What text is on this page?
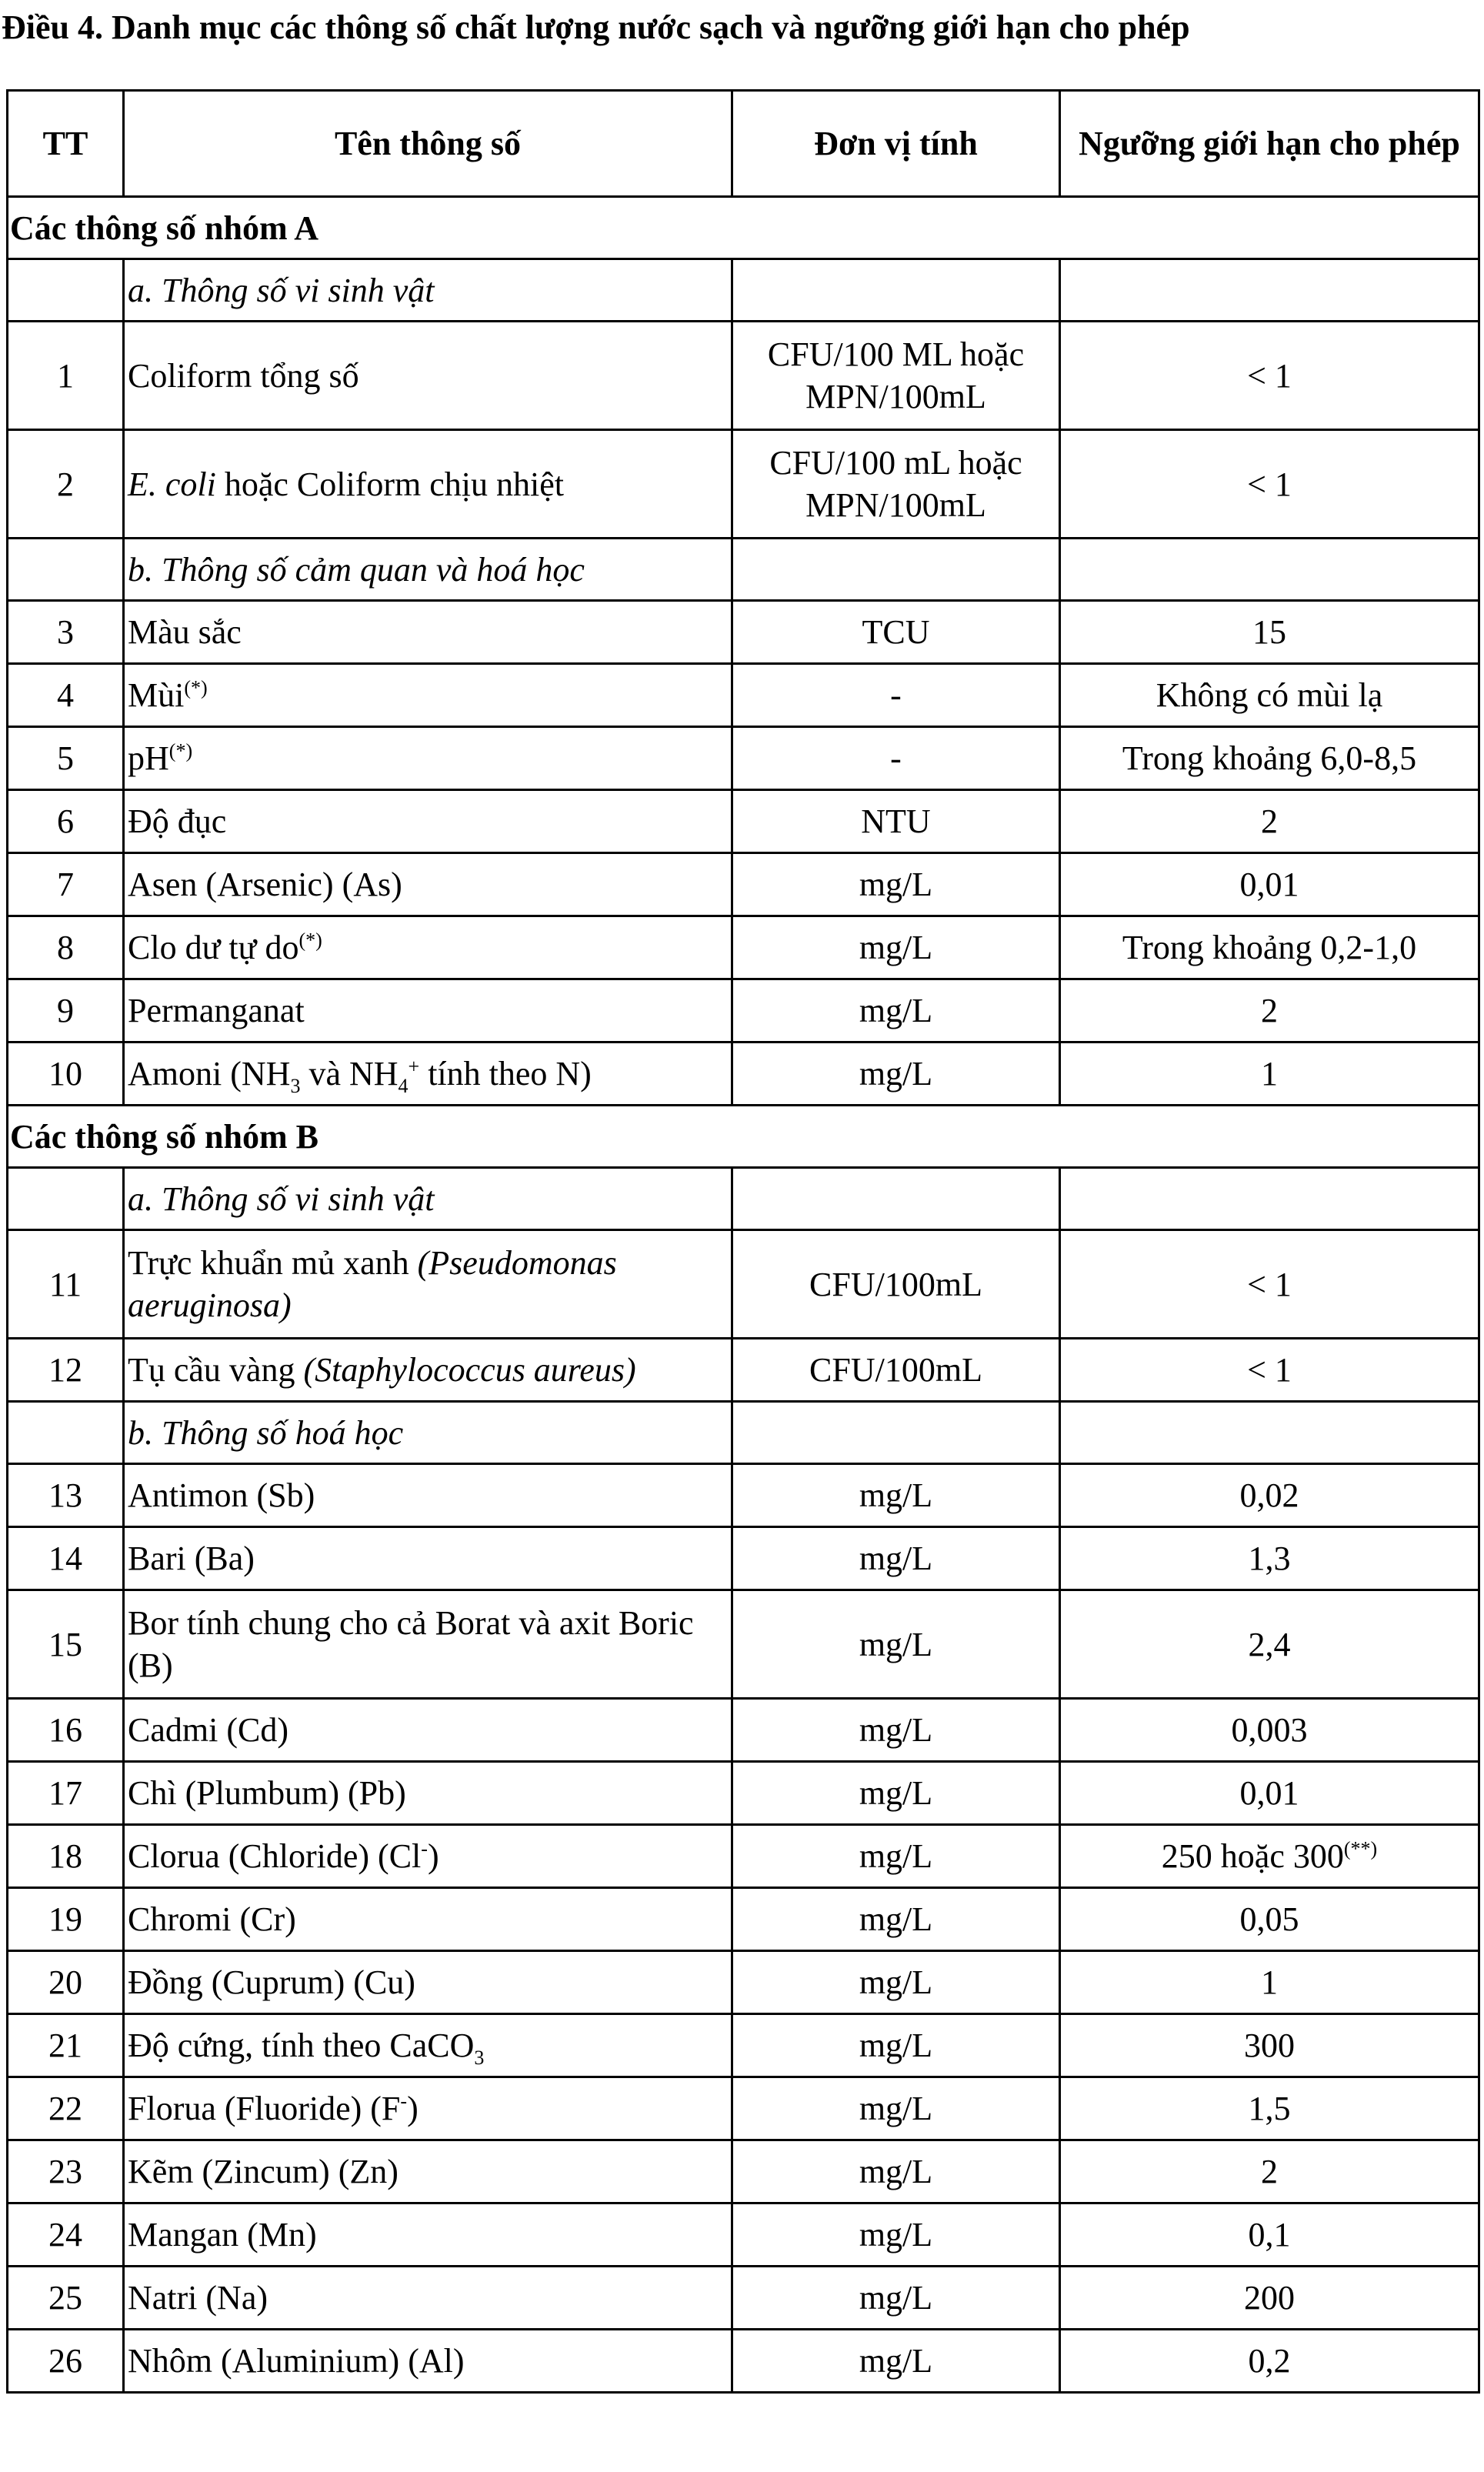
Điều 4. Danh mục các thông số chất lượng nước sạch và ngưỡng giới hạn cho phép
TT	Tên thông số	Đơn vị tính	Ngưỡng giới hạn cho phép
Các thông số nhóm A			
	a. Thông số vi sinh vật		
1	Coliform tổng số	CFU/100 ML hoặc MPN/100mL	< 1
2	E. coli hoặc Coliform chịu nhiệt	CFU/100 mL hoặc MPN/100mL	< 1
	b. Thông số cảm quan và hoá học		
3	Màu sắc	TCU	15
4	Mùi(*)	-	Không có mùi lạ
5	pH(*)	-	Trong khoảng 6,0-8,5
6	Độ đục	NTU	2
7	Asen (Arsenic) (As)	mg/L	0,01
8	Clo dư tự do(*)	mg/L	Trong khoảng 0,2-1,0
9	Permanganat	mg/L	2
10	Amoni ($NH_3$ và $NH_4^+$ tính theo N)	mg/L	1
Các thông số nhóm B			
	a. Thông số vi sinh vật		
11	Trực khuẩn mủ xanh (Pseudomonas aeruginosa)	CFU/100mL	< 1
12	Tụ cầu vàng (Staphylococcus aureus)	CFU/100mL	< 1
	b. Thông số hoá học		
13	Antimon (Sb)	mg/L	0,02
14	Bari (Ba)	mg/L	1,3
15	Bor tính chung cho cả Borat và axit Boric (B)	mg/L	2,4
16	Cadmi (Cd)	mg/L	0,003
17	Chì (Plumbum) (Pb)	mg/L	0,01
18	Clorua (Chloride) (Cl-)	mg/L	250 hoặc 300(**)
19	Chromi (Cr)	mg/L	0,05
20	Đồng (Cuprum) (Cu)	mg/L	1
21	Độ cứng, tính theo CaCO$_3$	mg/L	300
22	Florua (Fluoride) (F-)	mg/L	1,5
23	Kẽm (Zincum) (Zn)	mg/L	2
24	Mangan (Mn)	mg/L	0,1
25	Natri (Na)	mg/L	200
26	Nhôm (Aluminium) (Al)	mg/L	0,2
